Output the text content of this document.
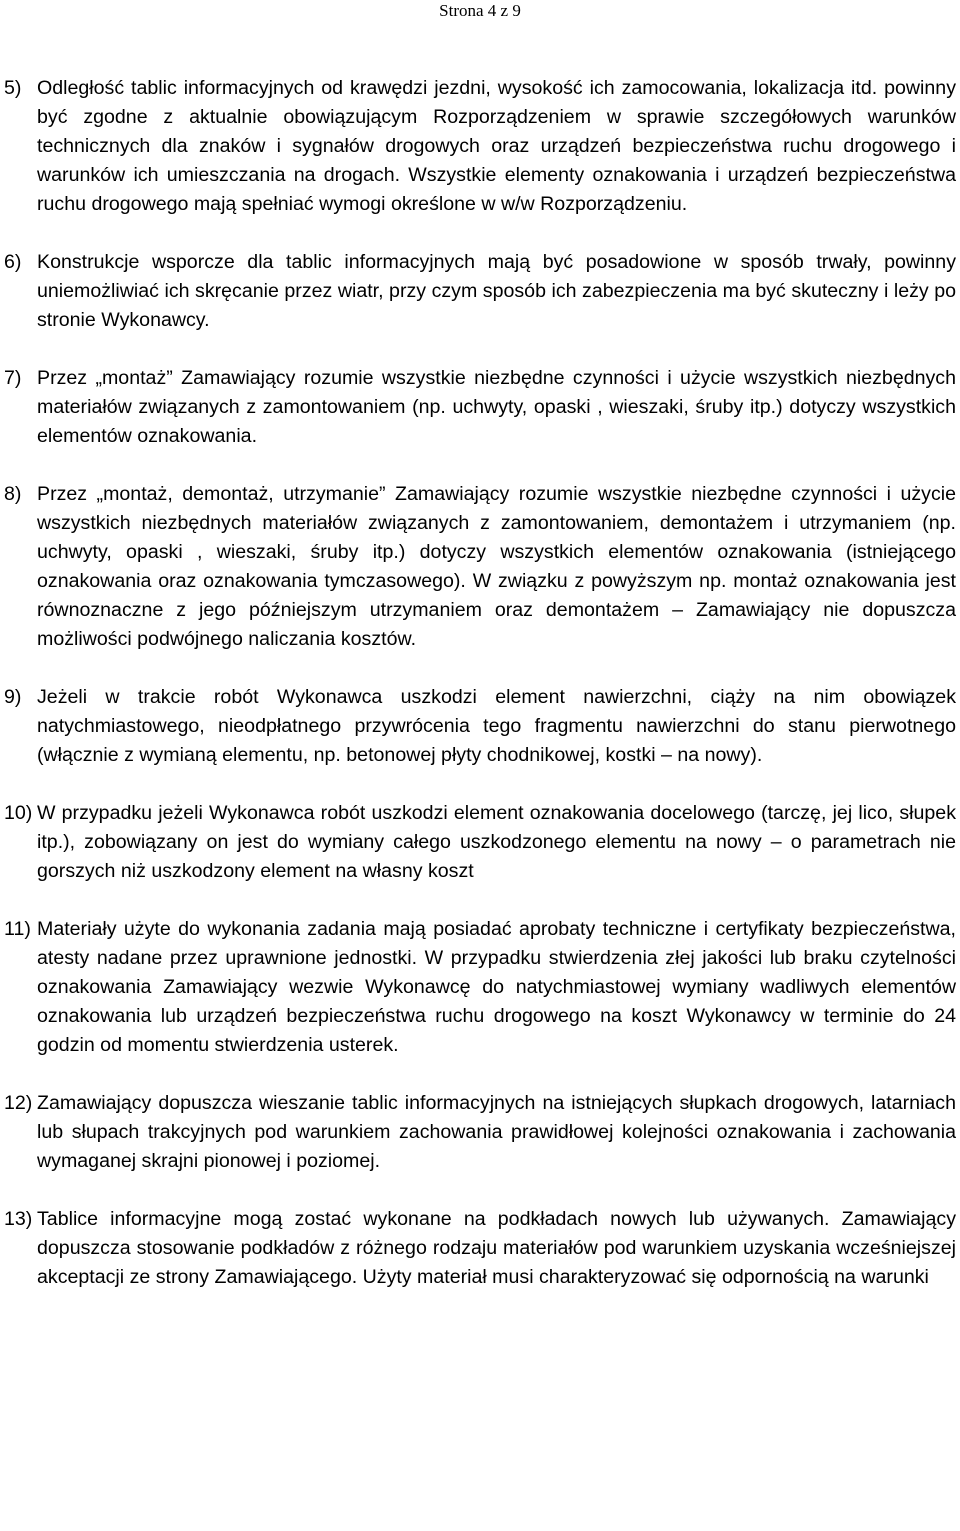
Strona 4 z 9
5) Odległość tablic informacyjnych od krawędzi jezdni, wysokość ich zamocowania, lokalizacja itd. powinny być zgodne z aktualnie obowiązującym Rozporządzeniem w sprawie szczegółowych warunków technicznych dla znaków i sygnałów drogowych oraz urządzeń bezpieczeństwa ruchu drogowego i warunków ich umieszczania na drogach. Wszystkie elementy oznakowania i urządzeń bezpieczeństwa ruchu drogowego mają spełniać wymogi określone w w/w Rozporządzeniu.
6) Konstrukcje wsporcze dla tablic informacyjnych mają być posadowione w sposób trwały, powinny uniemożliwiać ich skręcanie przez wiatr, przy czym sposób ich zabezpieczenia ma być skuteczny i leży po stronie Wykonawcy.
7) Przez „montaż” Zamawiający rozumie wszystkie niezbędne czynności i użycie wszystkich niezbędnych materiałów związanych z zamontowaniem (np. uchwyty, opaski , wieszaki, śruby itp.) dotyczy wszystkich elementów oznakowania.
8) Przez „montaż, demontaż, utrzymanie” Zamawiający rozumie wszystkie niezbędne czynności i użycie wszystkich niezbędnych materiałów związanych z zamontowaniem, demontażem i utrzymaniem (np. uchwyty, opaski , wieszaki, śruby itp.) dotyczy wszystkich elementów oznakowania (istniejącego oznakowania oraz oznakowania tymczasowego). W związku z powyższym np. montaż oznakowania jest równoznaczne z jego późniejszym utrzymaniem oraz demontażem – Zamawiający nie dopuszcza możliwości podwójnego naliczania kosztów.
9) Jeżeli w trakcie robót Wykonawca uszkodzi element nawierzchni, ciąży na nim obowiązek natychmiastowego, nieodpłatnego przywrócenia tego fragmentu nawierzchni do stanu pierwotnego (włącznie z wymianą elementu, np. betonowej płyty chodnikowej, kostki – na nowy).
10) W przypadku jeżeli Wykonawca robót uszkodzi element oznakowania docelowego (tarczę, jej lico, słupek itp.), zobowiązany on jest do wymiany całego uszkodzonego elementu na nowy – o parametrach nie gorszych niż uszkodzony element na własny koszt
11) Materiały użyte do wykonania zadania mają posiadać aprobaty techniczne i certyfikaty bezpieczeństwa, atesty nadane przez uprawnione jednostki. W przypadku stwierdzenia złej jakości lub braku czytelności oznakowania Zamawiający wezwie Wykonawcę do natychmiastowej wymiany wadliwych elementów oznakowania lub urządzeń bezpieczeństwa ruchu drogowego na koszt Wykonawcy w terminie do 24 godzin od momentu stwierdzenia usterek.
12) Zamawiający dopuszcza wieszanie tablic informacyjnych na istniejących słupkach drogowych, latarniach lub słupach trakcyjnych pod warunkiem zachowania prawidłowej kolejności oznakowania i zachowania wymaganej skrajni pionowej i poziomej.
13) Tablice informacyjne mogą zostać wykonane na podkładach nowych lub używanych. Zamawiający dopuszcza stosowanie podkładów z różnego rodzaju materiałów pod warunkiem uzyskania wcześniejszej akceptacji ze strony Zamawiającego. Użyty materiał musi charakteryzować się odpornością na warunki
